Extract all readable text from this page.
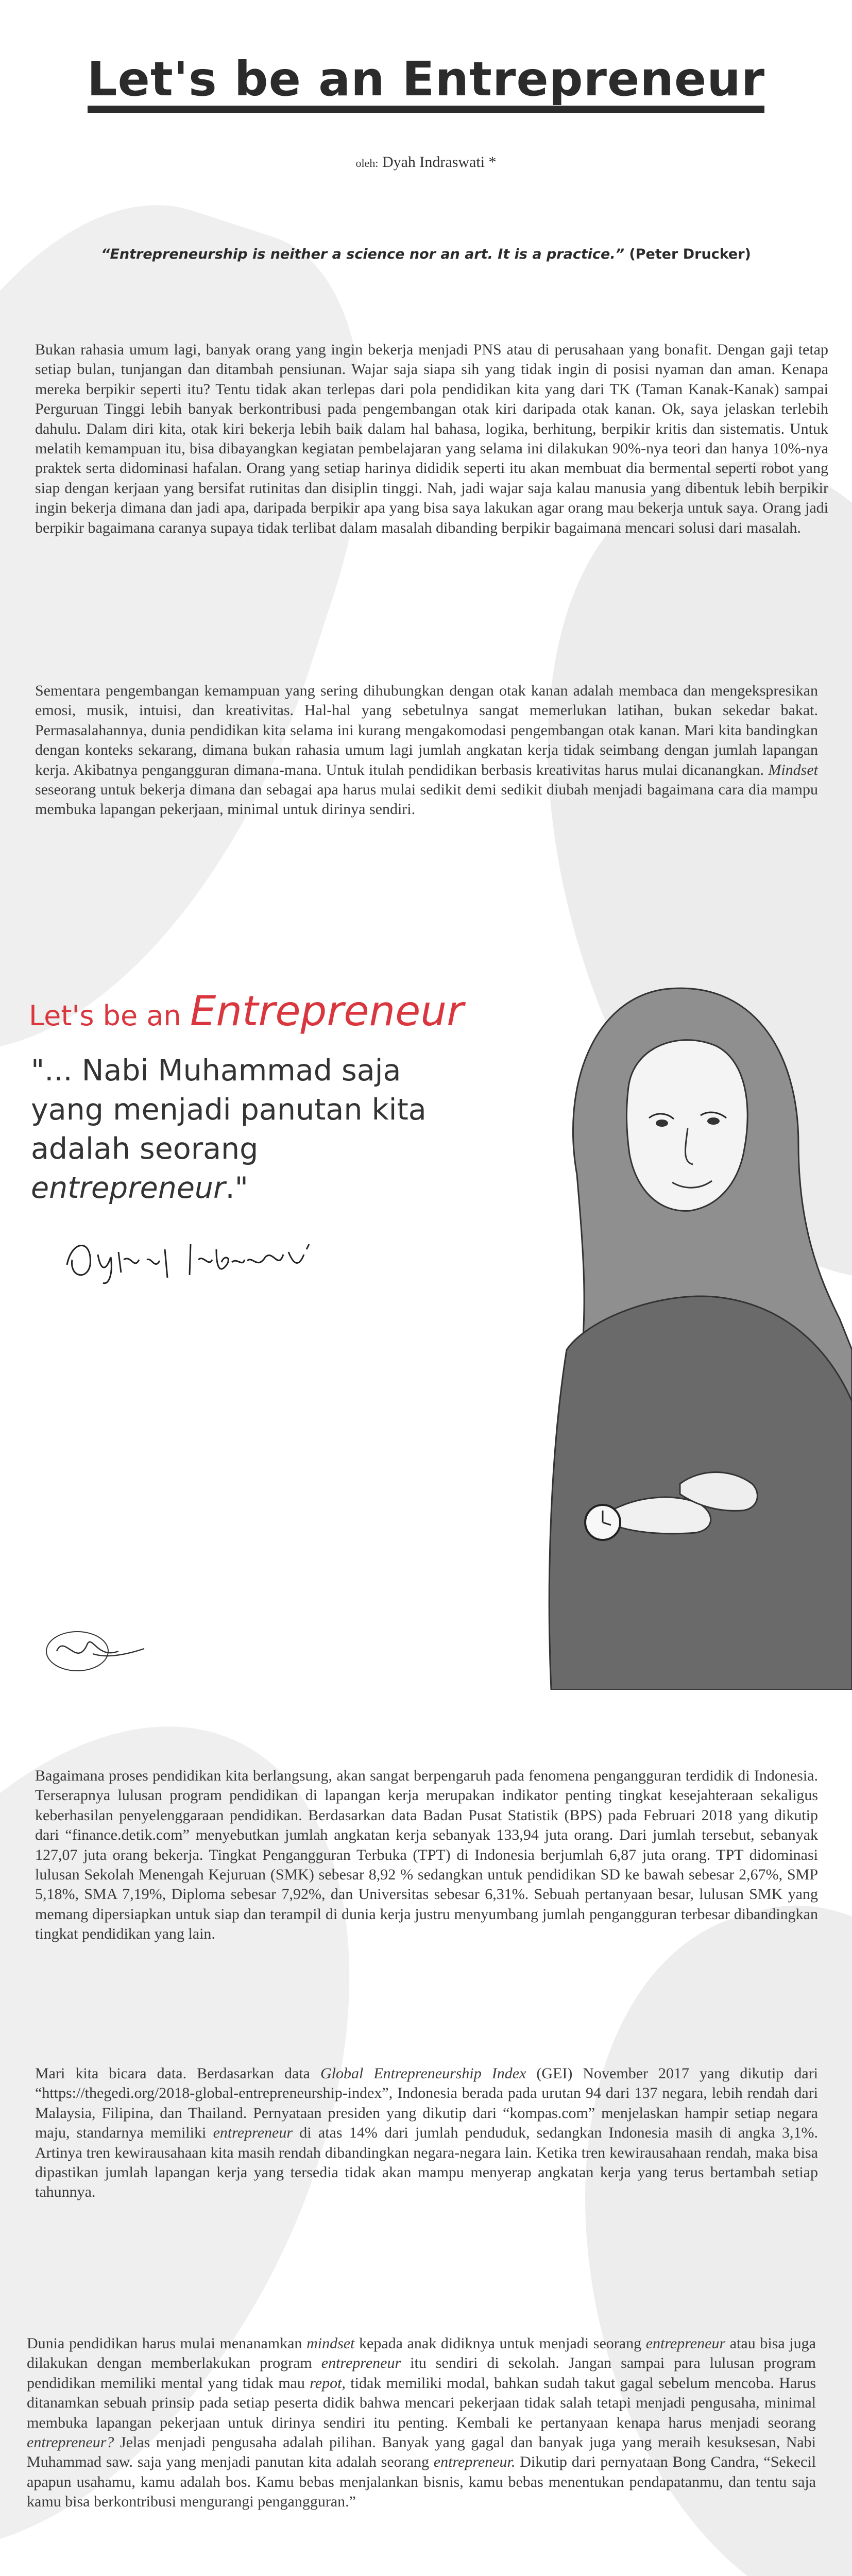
Let's be an Entrepreneur
oleh: Dyah Indraswati *
“Entrepreneurship is neither a science nor an art. It is a practice.” (Peter Drucker)

Bukan rahasia umum lagi, banyak orang yang ingin bekerja menjadi PNS atau di perusahaan yang bonafit. Dengan gaji tetap setiap bulan, tunjangan dan ditambah pensiunan. Wajar saja siapa sih yang tidak ingin di posisi nyaman dan aman. Kenapa mereka berpikir seperti itu? Tentu tidak akan terlepas dari pola pendidikan kita yang dari TK (Taman Kanak-Kanak) sampai Perguruan Tinggi lebih banyak berkontribusi pada pengembangan otak kiri daripada otak kanan. Ok, saya jelaskan terlebih dahulu. Dalam diri kita, otak kiri bekerja lebih baik dalam hal bahasa, logika, berhitung, berpikir kritis dan sistematis. Untuk melatih kemampuan itu, bisa dibayangkan kegiatan pembelajaran yang selama ini dilakukan 90%-nya teori dan hanya 10%-nya praktek serta didominasi hafalan. Orang yang setiap harinya dididik seperti itu akan membuat dia bermental seperti robot yang siap dengan kerjaan yang bersifat rutinitas dan disiplin tinggi. Nah, jadi wajar saja kalau manusia yang dibentuk lebih berpikir ingin bekerja dimana dan jadi apa, daripada berpikir apa yang bisa saya lakukan agar orang mau bekerja untuk saya. Orang jadi berpikir bagaimana caranya supaya tidak terlibat dalam masalah dibanding berpikir bagaimana mencari solusi dari masalah.

Sementara pengembangan kemampuan yang sering dihubungkan dengan otak kanan adalah membaca dan mengekspresikan emosi, musik, intuisi, dan kreativitas. Hal-hal yang sebetulnya sangat memerlukan latihan, bukan sekedar bakat. Permasalahannya, dunia pendidikan kita selama ini kurang mengakomodasi pengembangan otak kanan. Mari kita bandingkan dengan konteks sekarang, dimana bukan rahasia umum lagi jumlah angkatan kerja tidak seimbang dengan jumlah lapangan kerja. Akibatnya pengangguran dimana-mana. Untuk itulah pendidikan berbasis kreativitas harus mulai dicanangkan. Mindset seseorang untuk bekerja dimana dan sebagai apa harus mulai sedikit demi sedikit diubah menjadi bagaimana cara dia mampu membuka lapangan pekerjaan, minimal untuk dirinya sendiri.

Let's be an Entrepreneur
"... Nabi Muhammad saja yang menjadi panutan kita adalah seorang entrepreneur."

Bagaimana proses pendidikan kita berlangsung, akan sangat berpengaruh pada fenomena pengangguran terdidik di Indonesia. Terserapnya lulusan program pendidikan di lapangan kerja merupakan indikator penting tingkat kesejahteraan sekaligus keberhasilan penyelenggaraan pendidikan. Berdasarkan data Badan Pusat Statistik (BPS) pada Februari 2018 yang dikutip dari “finance.detik.com” menyebutkan jumlah angkatan kerja sebanyak 133,94 juta orang. Dari jumlah tersebut, sebanyak 127,07 juta orang bekerja. Tingkat Pengangguran Terbuka (TPT) di Indonesia berjumlah 6,87 juta orang. TPT didominasi lulusan Sekolah Menengah Kejuruan (SMK) sebesar 8,92 % sedangkan untuk pendidikan SD ke bawah sebesar 2,67%, SMP 5,18%, SMA 7,19%, Diploma sebesar 7,92%, dan Universitas sebesar 6,31%. Sebuah pertanyaan besar, lulusan SMK yang memang dipersiapkan untuk siap dan terampil di dunia kerja justru menyumbang jumlah pengangguran terbesar dibandingkan tingkat pendidikan yang lain.

Mari kita bicara data. Berdasarkan data Global Entrepreneurship Index (GEI) November 2017 yang dikutip dari “https://thegedi.org/2018-global-entrepreneurship-index”, Indonesia berada pada urutan 94 dari 137 negara, lebih rendah dari Malaysia, Filipina, dan Thailand. Pernyataan presiden yang dikutip dari “kompas.com” menjelaskan hampir setiap negara maju, standarnya memiliki entrepreneur di atas 14% dari jumlah penduduk, sedangkan Indonesia masih di angka 3,1%. Artinya tren kewirausahaan kita masih rendah dibandingkan negara-negara lain. Ketika tren kewirausahaan rendah, maka bisa dipastikan jumlah lapangan kerja yang tersedia tidak akan mampu menyerap angkatan kerja yang terus bertambah setiap tahunnya.

Dunia pendidikan harus mulai menanamkan mindset kepada anak didiknya untuk menjadi seorang entrepreneur atau bisa juga dilakukan dengan memberlakukan program entrepreneur itu sendiri di sekolah. Jangan sampai para lulusan program pendidikan memiliki mental yang tidak mau repot, tidak memiliki modal, bahkan sudah takut gagal sebelum mencoba. Harus ditanamkan sebuah prinsip pada setiap peserta didik bahwa mencari pekerjaan tidak salah tetapi menjadi pengusaha, minimal membuka lapangan pekerjaan untuk dirinya sendiri itu penting. Kembali ke pertanyaan kenapa harus menjadi seorang entrepreneur? Jelas menjadi pengusaha adalah pilihan. Banyak yang gagal dan banyak juga yang meraih kesuksesan, Nabi Muhammad saw. saja yang menjadi panutan kita adalah seorang entrepreneur. Dikutip dari pernyataan Bong Candra, “Sekecil apapun usahamu, kamu adalah bos. Kamu bebas menjalankan bisnis, kamu bebas menentukan pendapatanmu, dan tentu saja kamu bisa berkontribusi mengurangi pengangguran.”
